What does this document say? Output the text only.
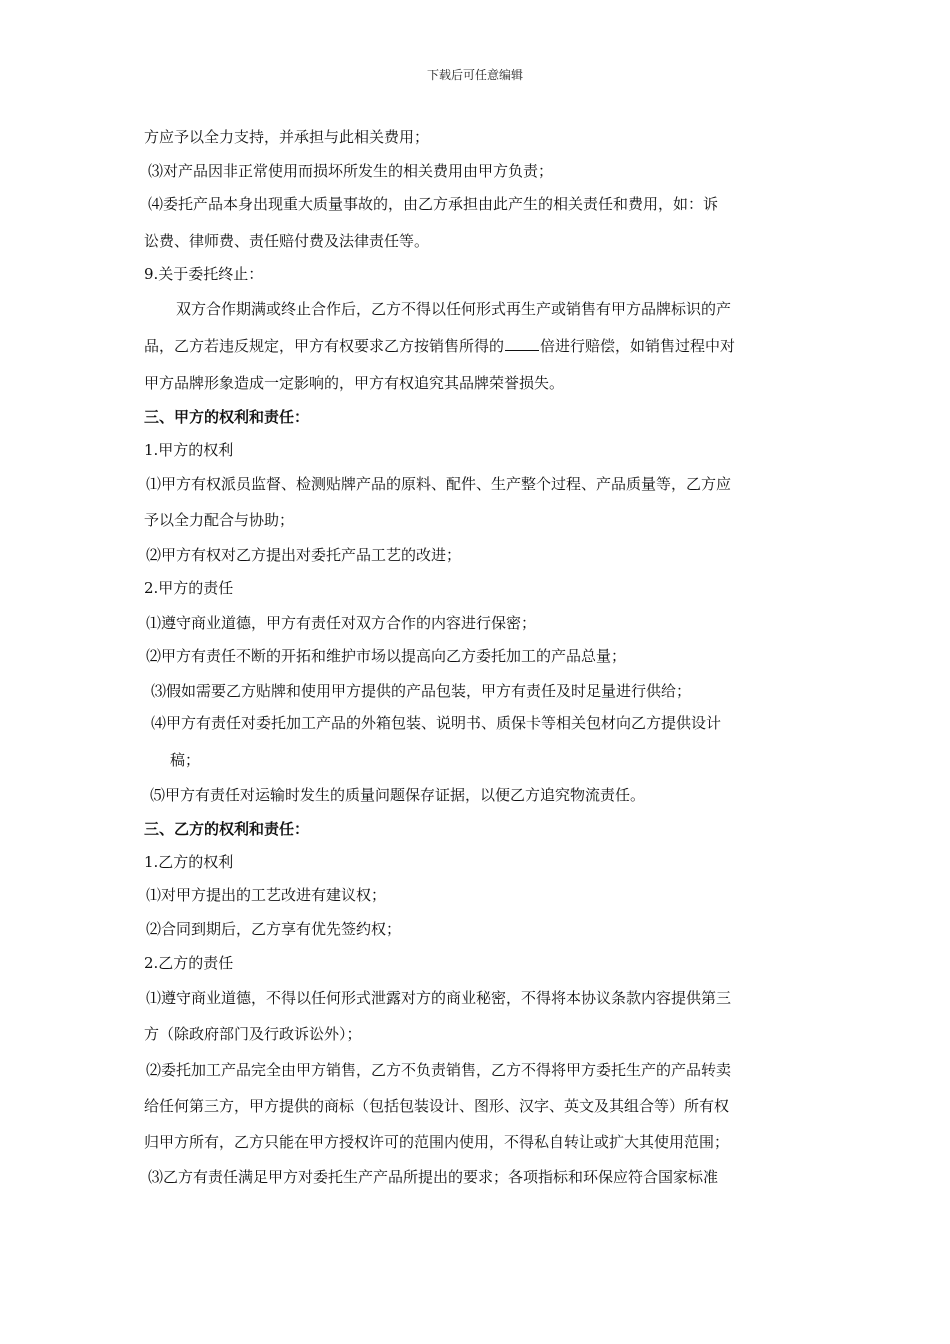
下载后可任意编辑
方应予以全力支持，并承担与此相关费用；
⑶对产品因非正常使用而损坏所发生的相关费用由甲方负责；
⑷委托产品本身出现重大质量事故的，由乙方承担由此产生的相关责任和费用，如：诉
讼费、律师费、责任赔付费及法律责任等。
9.关于委托终止：
双方合作期满或终止合作后，乙方不得以任何形式再生产或销售有甲方品牌标识的产
品，乙方若违反规定，甲方有权要求乙方按销售所得的 倍进行赔偿，如销售过程中对
甲方品牌形象造成一定影响的，甲方有权追究其品牌荣誉损失。
三、甲方的权利和责任：
1.甲方的权利
⑴甲方有权派员监督、检测贴牌产品的原料、配件、生产整个过程、产品质量等，乙方应
予以全力配合与协助；
⑵甲方有权对乙方提出对委托产品工艺的改进；
2.甲方的责任
⑴遵守商业道德，甲方有责任对双方合作的内容进行保密；
⑵甲方有责任不断的开拓和维护市场以提高向乙方委托加工的产品总量；
⑶假如需要乙方贴牌和使用甲方提供的产品包装，甲方有责任及时足量进行供给；
⑷甲方有责任对委托加工产品的外箱包装、说明书、质保卡等相关包材向乙方提供设计
稿；
⑸甲方有责任对运输时发生的质量问题保存证据，以便乙方追究物流责任。
三、乙方的权利和责任：
1.乙方的权利
⑴对甲方提出的工艺改进有建议权；
⑵合同到期后，乙方享有优先签约权；
2.乙方的责任
⑴遵守商业道德，不得以任何形式泄露对方的商业秘密，不得将本协议条款内容提供第三
方（除政府部门及行政诉讼外）；
⑵委托加工产品完全由甲方销售，乙方不负责销售，乙方不得将甲方委托生产的产品转卖
给任何第三方，甲方提供的商标（包括包装设计、图形、汉字、英文及其组合等）所有权
归甲方所有，乙方只能在甲方授权许可的范围内使用，不得私自转让或扩大其使用范围；
⑶乙方有责任满足甲方对委托生产产品所提出的要求；各项指标和环保应符合国家标准
